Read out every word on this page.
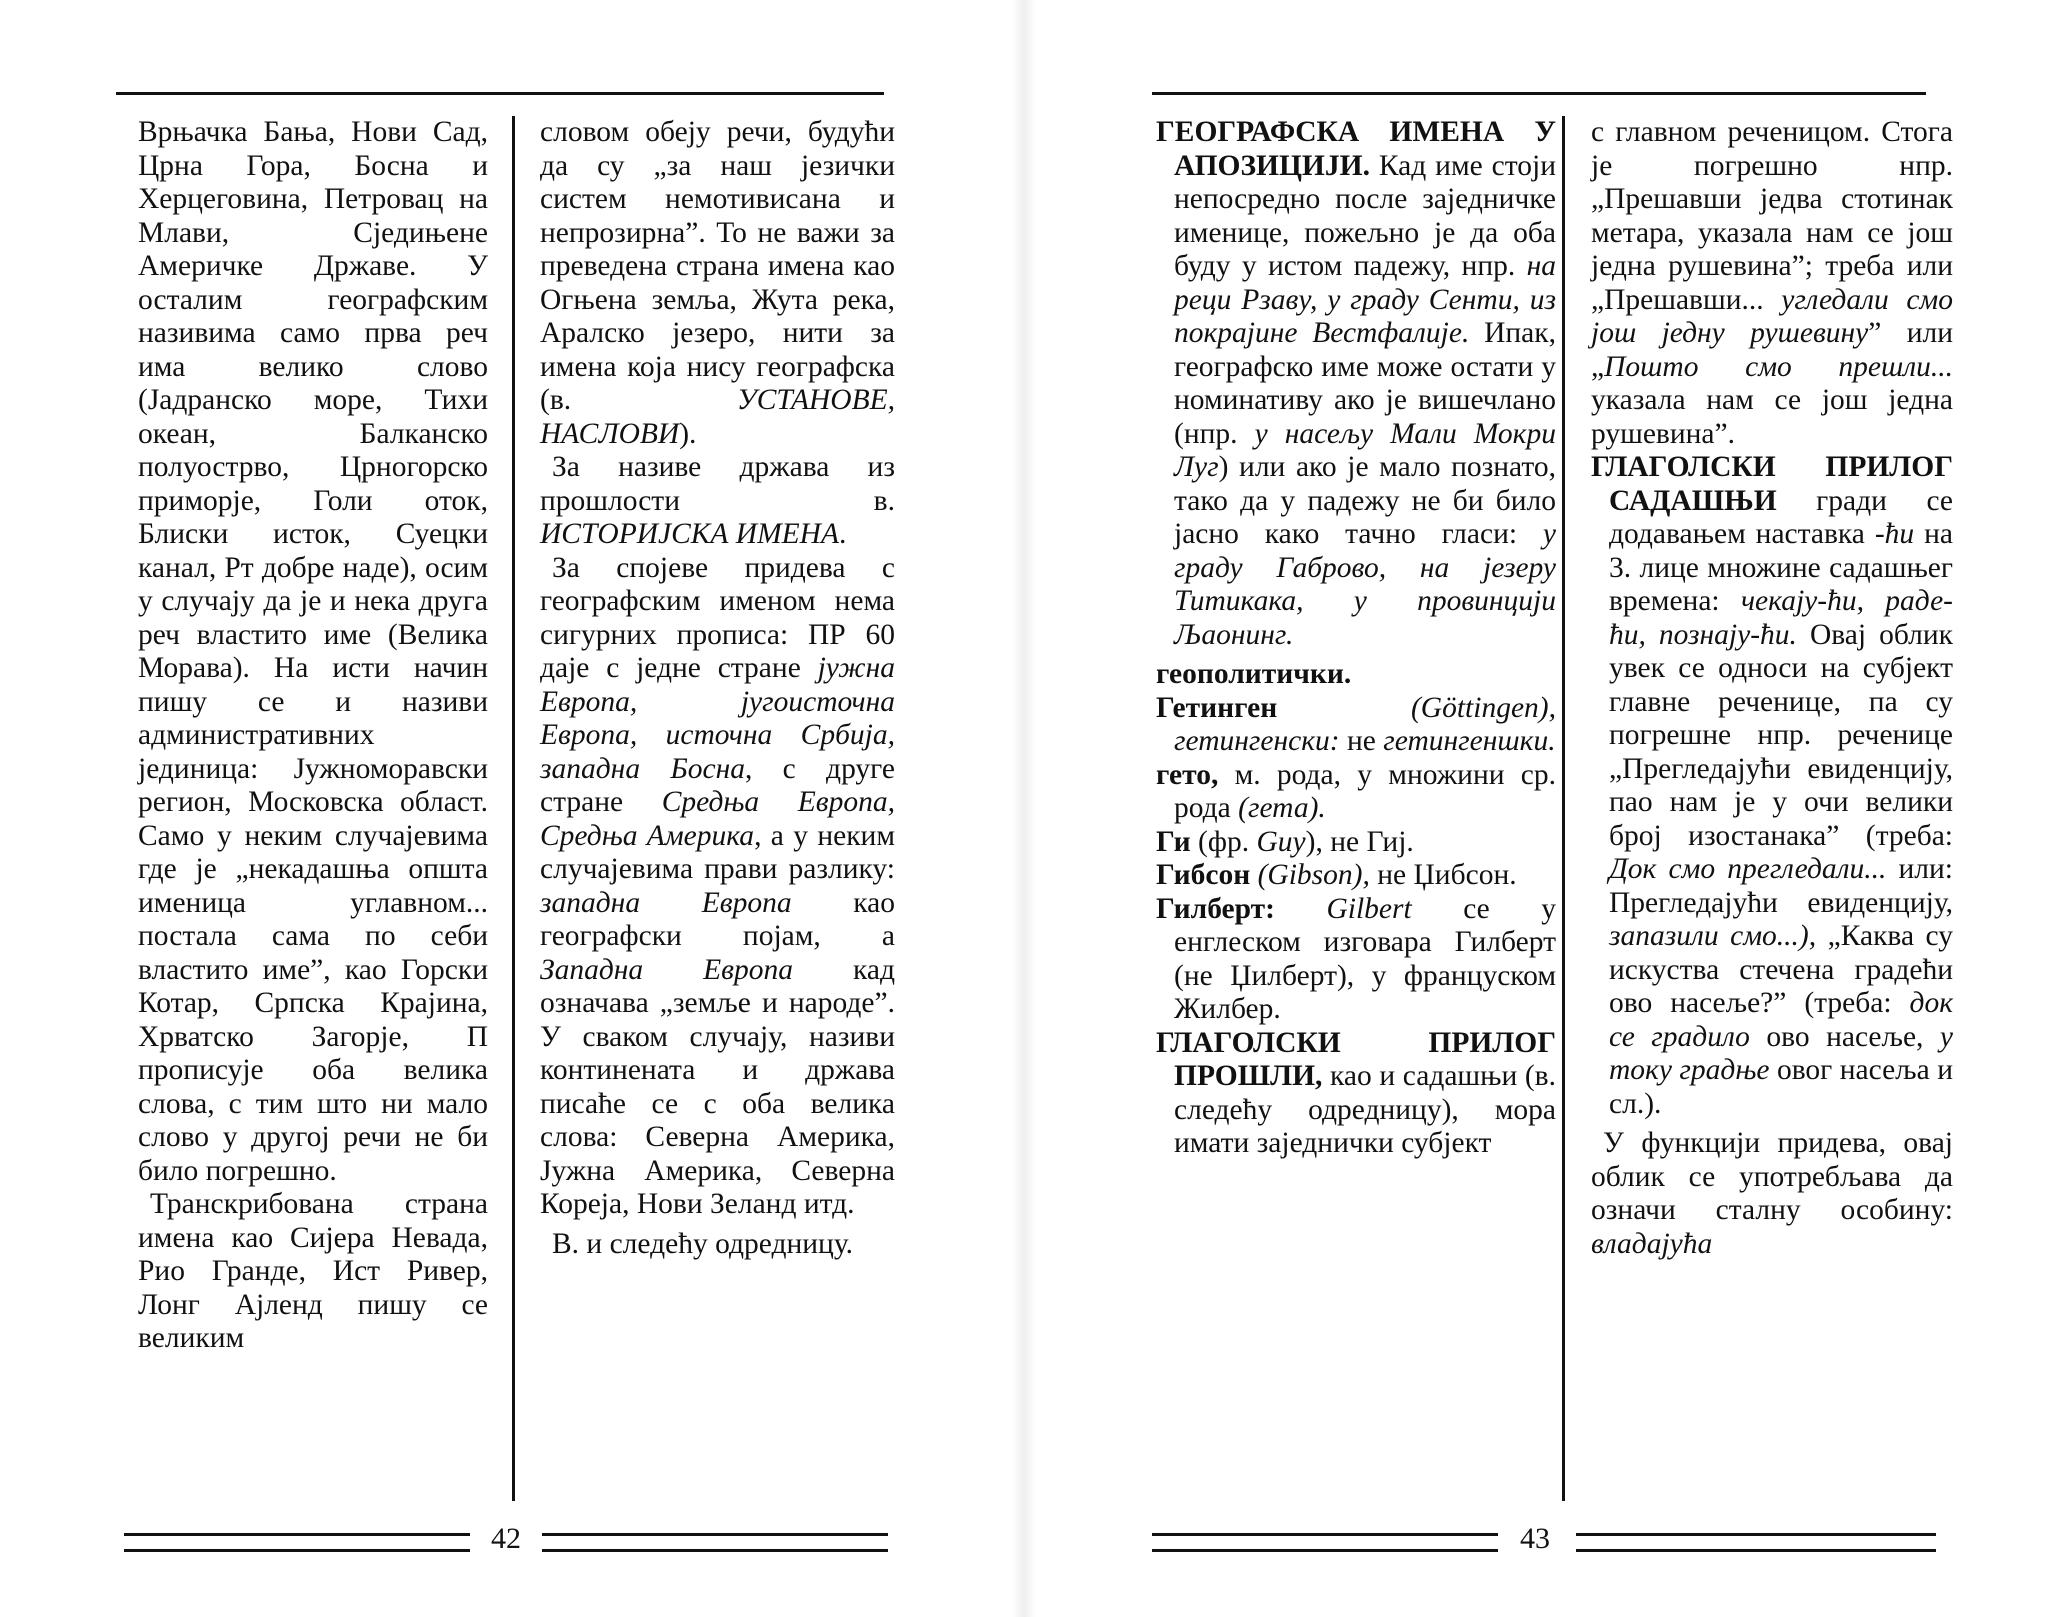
Врњачка Бања, Нови Сад, Црна Гора, Босна и Херцеговина, Петровац на Млави, Сједињене Америчке Државе. У осталим географским називима само прва реч има велико слово (Јадранско море, Тихи океан, Балканско полуострво, Црногорско приморје, Голи оток, Блиски исток, Суецки канал, Рт добре наде), осим у случају да је и нека друга реч властито име (Велика Морава). На исти начин пишу се и називи административних јединица: Јужноморавски регион, Московска област. Само у неким случајевима где је „некадашња општа именица углавном... постала сама по себи властито име”, као Горски Котар, Српска Крајина, Хрватско Загорје, П прописује оба велика слова, с тим што ни мало слово у другој речи не би било погрешно.

Транскрибована страна имена као Сијера Невада, Рио Гранде, Ист Ривер, Лонг Ајленд пишу се великим

словом обеју речи, будући да су „за наш језички систем немотивисана и непрозирна”. То не важи за преведена страна имена као Огњена земља, Жута река, Аралско језеро, нити за имена која нису географска (в. УСТАНОВЕ, НАСЛОВИ).

За називе држава из прошлости в. ИСТОРИЈСКА ИМЕНА.

За спојеве придева с географским именом нема сигурних прописа: ПР 60 даје с једне стране јужна Европа, југоисточна Европа, источна Србија, западна Босна, с друге стране Средња Европа, Средња Америка, а у неким случајевима прави разлику: западна Европа као географски појам, а Западна Европа кад означава „земље и народе”. У сваком случају, називи континената и држава писаће се с оба велика слова: Северна Америка, Јужна Америка, Северна Кореја, Нови Зеланд итд.

В. и следећу одредницу.

42

ГЕОГРАФСКА ИМЕНА У АПОЗИЦИЈИ. Кад име стоји непосредно после заједничке именице, пожељно је да оба буду у истом падежу, нпр. на реци Рзаву, у граду Сенти, из покрајине Вестфалије. Ипак, географско име може остати у номинативу ако је вишечлано (нпр. у насељу Мали Мокри Луг) или ако је мало познато, тако да у падежу не би било јасно како тачно гласи: у граду Габрово, на језеру Титикака, у провинцији Љаонинг.

геополитички.

Гетинген (Göttingen), гетингенски: не гетингеншки.

гето, м. рода, у множини ср. рода (гета).

Ги (фр. Guy), не Гиј.

Гибсон (Gibson), не Џибсон.

Гилберт: Gilbert се у енглеском изговара Гилберт (не Џилберт), у француском Жилбер.

ГЛАГОЛСКИ ПРИЛОГ ПРОШЛИ, као и садашњи (в. следећу одредницу), мора имати заједнички субјект

с главном реченицом. Стога је погрешно нпр. „Прешавши једва стотинак метара, указала нам се још једна рушевина”; треба или „Прешавши... угледали смо још једну рушевину” или „Пошто смо прешли... указала нам се још једна рушевина”.

ГЛАГОЛСКИ ПРИЛОГ САДАШЊИ гради се додавањем наставка -ћи на 3. лице множине садашњег времена: чекају-ћи, раде-ћи, познају-ћи. Овај облик увек се односи на субјект главне реченице, па су погрешне нпр. реченице „Прегледајући евиденцију, пао нам је у очи велики број изостанака” (треба: Док смо прегледали... или: Прегледајући евиденцију, запазили смо...), „Каква су искуства стечена градећи ово насеље?” (треба: док се градило ово насеље, у току градње овог насеља и сл.).

У функцији придева, овај облик се употребљава да означи сталну особину: владајућа

43
